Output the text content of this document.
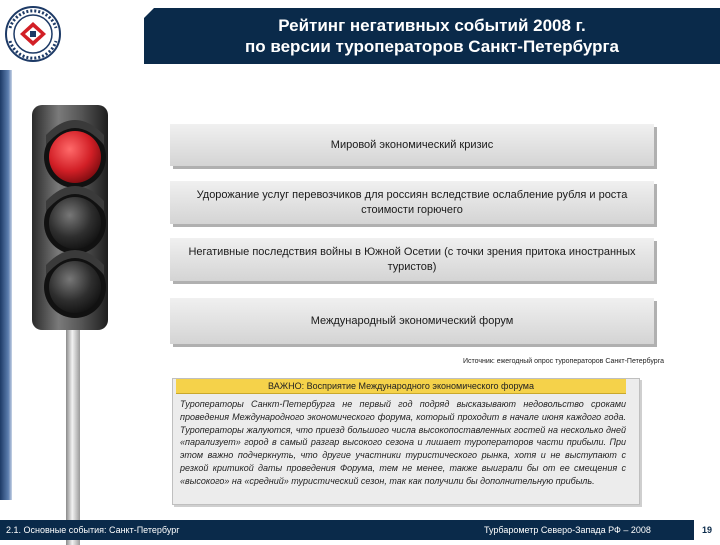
Рейтинг негативных событий 2008 г.
по версии туроператоров Санкт-Петербурга
Мировой экономический кризис
Удорожание услуг перевозчиков для россиян вследствие ослабление рубля и роста стоимости горючего
Негативные последствия войны в Южной Осетии (с точки зрения притока иностранных туристов)
Международный экономический форум
Источник: ежегодный опрос туроператоров Санкт-Петербурга
ВАЖНО: Восприятие Международного экономического форума
Туроператоры Санкт-Петербурга не первый год подряд высказывают недовольство сроками проведения Международного экономического форума, который проходит в начале июня каждого года. Туроператоры жалуются, что приезд большого числа высокопоставленных гостей на несколько дней «парализует» город в самый разгар высокого сезона и лишает туроператоров части прибыли. При этом важно подчеркнуть, что другие участники туристического рынка, хотя и не выступают с резкой критикой даты проведения Форума, тем не менее, также выиграли бы от ее смещения с «высокого» на «средний» туристический сезон, так как получили бы дополнительную прибыль.
2.1. Основные события: Санкт-Петербург	Турбарометр Северо-Запада РФ – 2008	19
